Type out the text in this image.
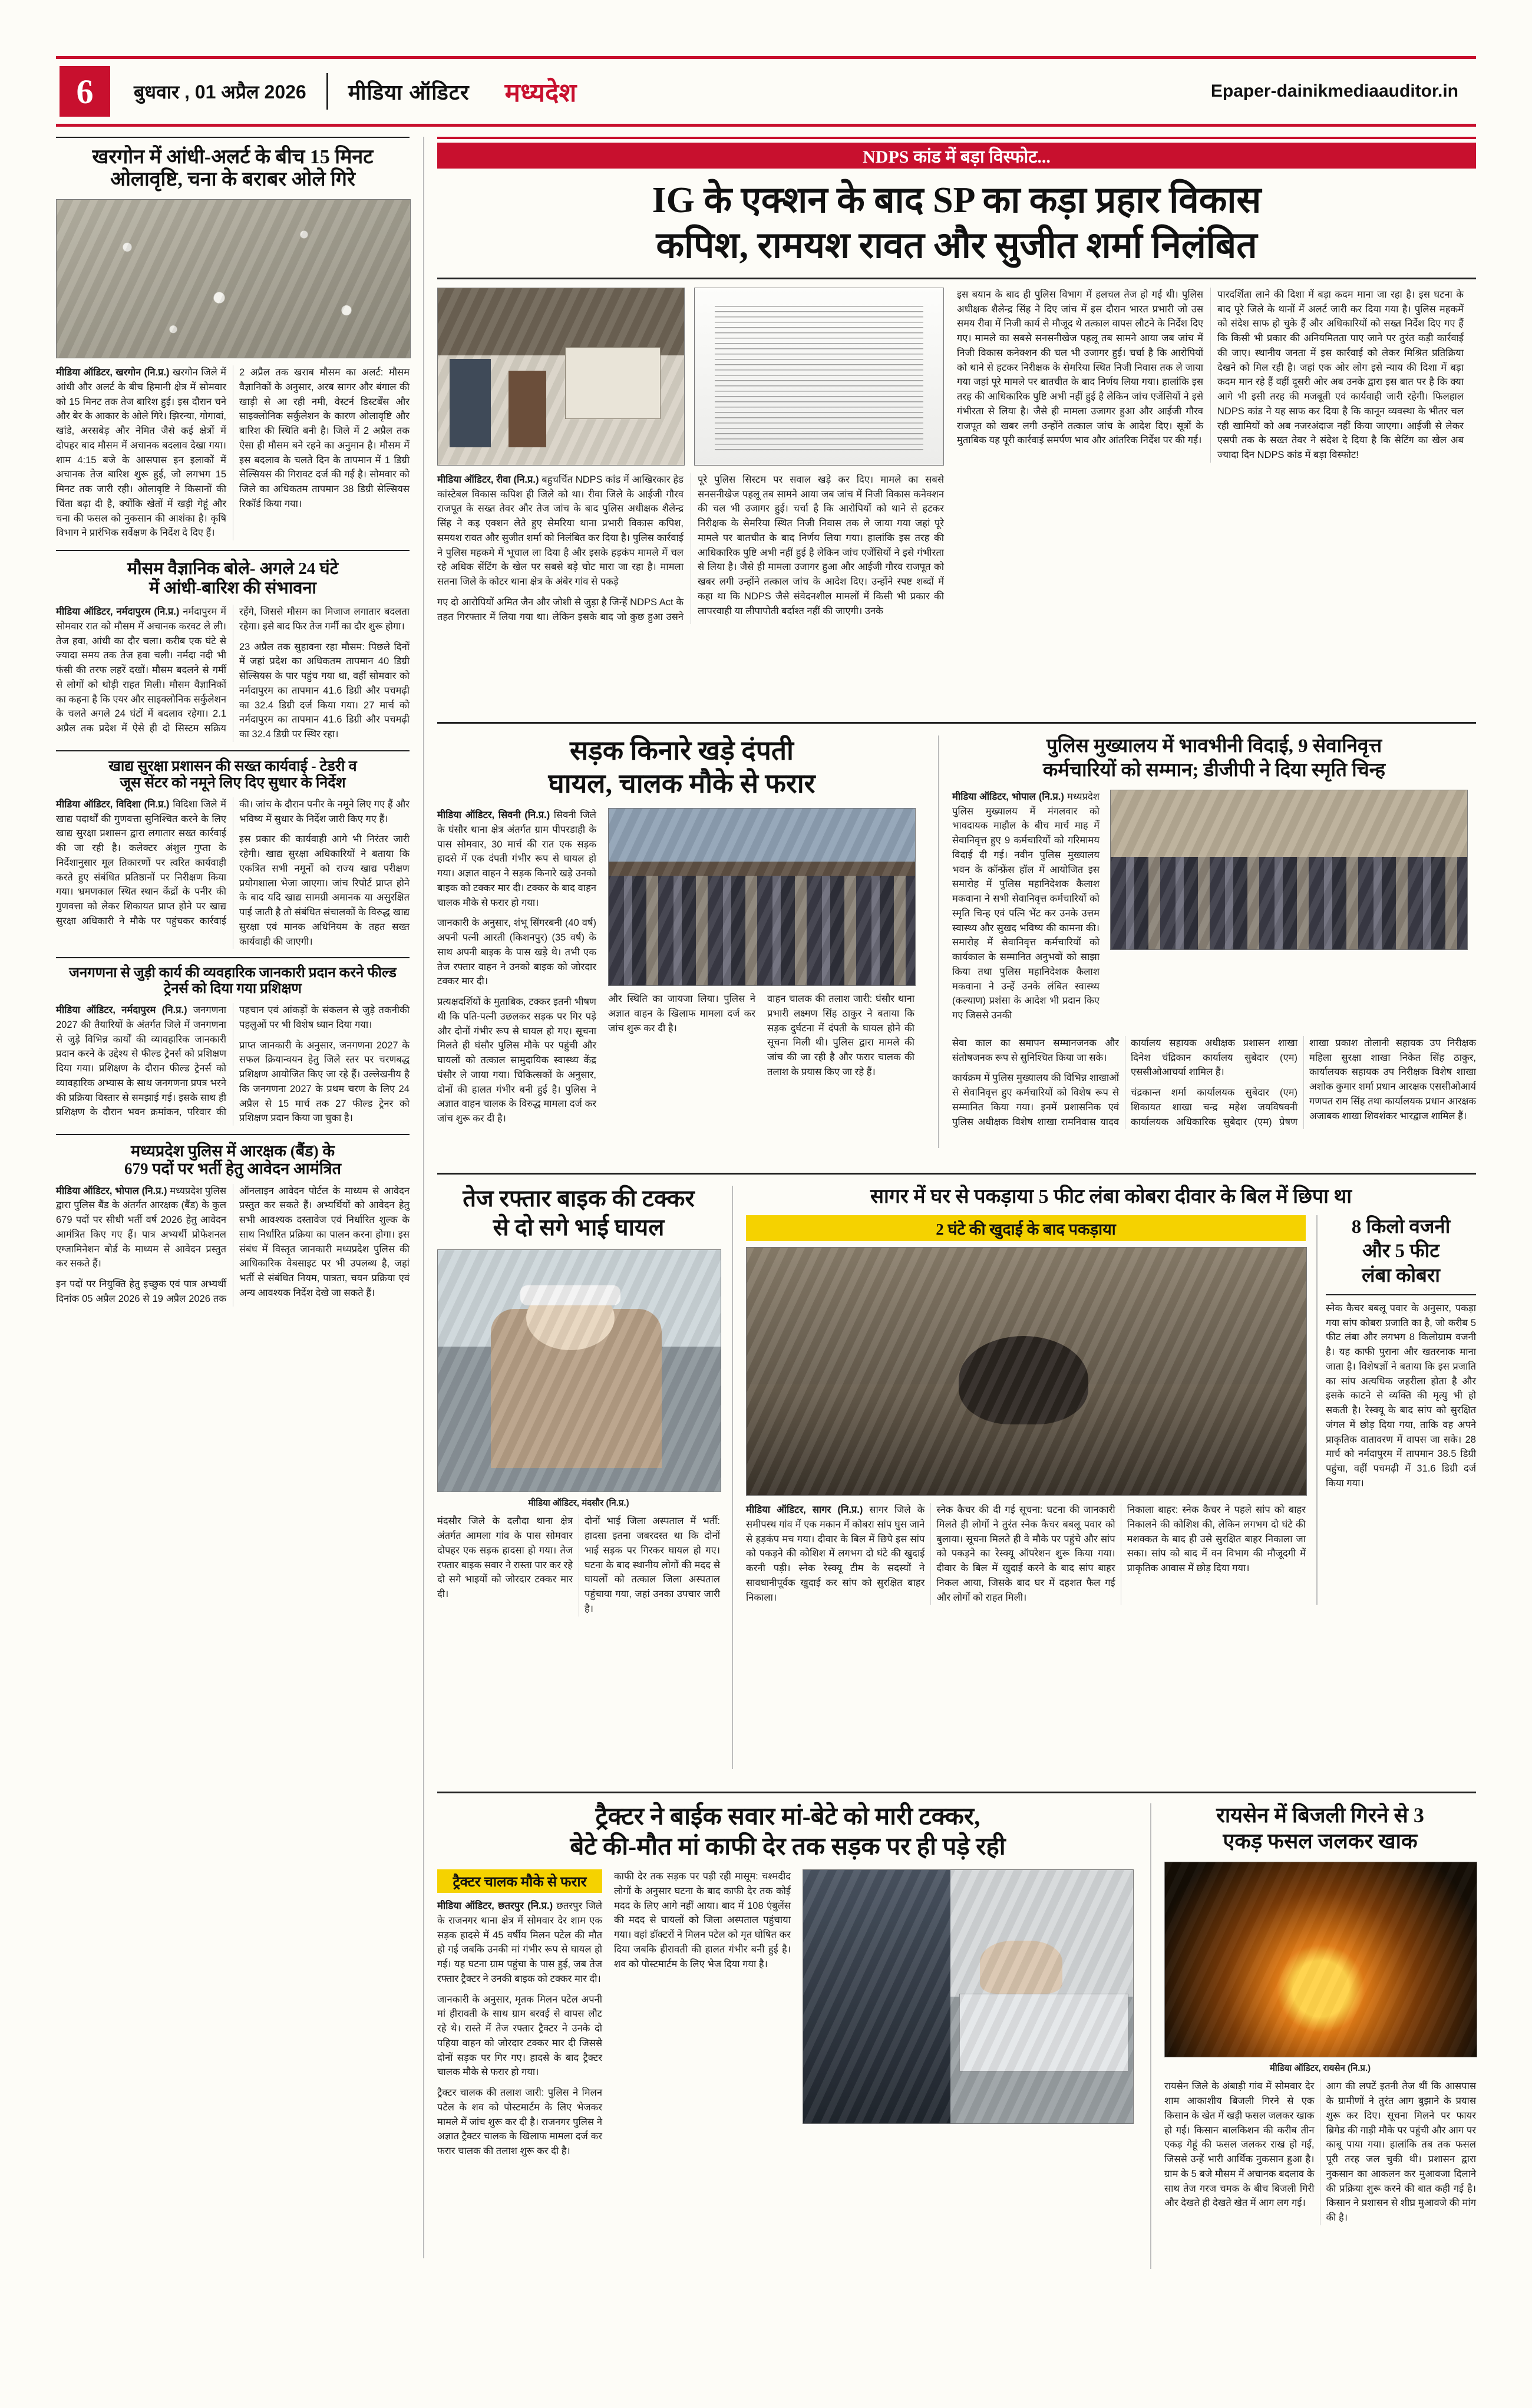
6	बुधवार , 01 अप्रैल 2026 मीडिया ऑडिटर मध्यदेश	Epaper-dainikmediaauditor.in
खरगोन में आंधी-अलर्ट के बीच 15 मिनट
ओलावृष्टि, चना के बराबर ओले गिरे

मीडिया ऑडिटर, खरगोन (नि.प्र.) खरगोन जिले में आंधी और अलर्ट के बीच हिमानी क्षेत्र में सोमवार को 15 मिनट तक तेज बारिश हुई। इस दौरान चने और बेर के आकार के ओले गिरे। झिरन्या, गोगावां, खांडे, अरसबेड़ और नेमित जैसे कई क्षेत्रों में दोपहर बाद मौसम में अचानक बदलाव देखा गया। शाम 4:15 बजे के आसपास इन इलाकों में अचानक तेज बारिश शुरू हुई, जो लगभग 15 मिनट तक जारी रही। ओलावृष्टि ने किसानों की चिंता बढ़ा दी है, क्योंकि खेतों में खड़ी गेहूं और चना की फसल को नुकसान की आशंका है। कृषि विभाग ने प्रारंभिक सर्वेक्षण के निर्देश दे दिए हैं।

2 अप्रैल तक खराब मौसम का अलर्ट: मौसम वैज्ञानिकों के अनुसार, अरब सागर और बंगाल की खाड़ी से आ रही नमी, वेस्टर्न डिस्टर्बेंस और साइक्लोनिक सर्कुलेशन के कारण ओलावृष्टि और बारिश की स्थिति बनी है। जिले में 2 अप्रैल तक ऐसा ही मौसम बने रहने का अनुमान है। मौसम में इस बदलाव के चलते दिन के तापमान में 1 डिग्री सेल्सियस की गिरावट दर्ज की गई है। सोमवार को जिले का अधिकतम तापमान 38 डिग्री सेल्सियस रिकॉर्ड किया गया।

मौसम वैज्ञानिक बोले- अगले 24 घंटे
में आंधी-बारिश की संभावना

मीडिया ऑडिटर, नर्मदापुरम (नि.प्र.) नर्मदापुरम में सोमवार रात को मौसम में अचानक करवट ले ली। तेज हवा, आंधी का दौर चला। करीब एक घंटे से ज्यादा समय तक तेज हवा चली। नर्मदा नदी भी फंसी की तरफ लहरें दखों। मौसम बदलने से गर्मी से लोगों को थोड़ी राहत मिली। मौसम वैज्ञानिकों का कहना है कि एयर और साइक्लोनिक सर्कुलेशन के चलते अगले 24 घंटों में बदलाव रहेगा। 2.1 अप्रैल तक प्रदेश में ऐसे ही दो सिस्टम सक्रिय रहेंगे, जिससे मौसम का मिजाज लगातार बदलता रहेगा। इसे बाद फिर तेज गर्मी का दौर शुरू होगा।

23 अप्रैल तक सुहावना रहा मौसम: पिछले दिनों में जहां प्रदेश का अधिकतम तापमान 40 डिग्री सेल्सियस के पार पहुंच गया था, वहीं सोमवार को नर्मदापुरम का तापमान 41.6 डिग्री और पचमढ़ी का 32.4 डिग्री दर्ज किया गया। 27 मार्च को नर्मदापुरम का तापमान 41.6 डिग्री और पचमढ़ी का 32.4 डिग्री पर स्थिर रहा।

खाद्य सुरक्षा प्रशासन की सख्त कार्यवाई - टेडरी व
जूस सेंटर को नमूने लिए दिए सुधार के निर्देश

मीडिया ऑडिटर, विदिशा (नि.प्र.) विदिशा जिले में खाद्य पदार्थों की गुणवत्ता सुनिश्चित करने के लिए खाद्य सुरक्षा प्रशासन द्वारा लगातार सख्त कार्रवाई की जा रही है। कलेक्टर अंशुल गुप्ता के निर्देशानुसार मूल तिकारणों पर त्वरित कार्यवाही करते हुए संबंधित प्रतिष्ठानों पर निरीक्षण किया गया। भ्रमणकाल स्थित स्थान केंद्रों के पनीर की गुणवत्ता को लेकर शिकायत प्राप्त होने पर खाद्य सुरक्षा अधिकारी ने मौके पर पहुंचकर कार्रवाई की। जांच के दौरान पनीर के नमूने लिए गए हैं और भविष्य में सुधार के निर्देश जारी किए गए हैं।

इस प्रकार की कार्यवाही आगे भी निरंतर जारी रहेगी। खाद्य सुरक्षा अधिकारियों ने बताया कि एकत्रित सभी नमूनों को राज्य खाद्य परीक्षण प्रयोगशाला भेजा जाएगा। जांच रिपोर्ट प्राप्त होने के बाद यदि खाद्य सामग्री अमानक या असुरक्षित पाई जाती है तो संबंधित संचालकों के विरुद्ध खाद्य सुरक्षा एवं मानक अधिनियम के तहत सख्त कार्यवाही की जाएगी।

जनगणना से जुड़ी कार्य की व्यवहारिक जानकारी प्रदान करने फील्ड ट्रेनर्स को दिया गया प्रशिक्षण

मीडिया ऑडिटर, नर्मदापुरम (नि.प्र.) जनगणना 2027 की तैयारियों के अंतर्गत जिले में जनगणना से जुड़े विभिन्न कार्यों की व्यावहारिक जानकारी प्रदान करने के उद्देश्य से फील्ड ट्रेनर्स को प्रशिक्षण दिया गया। प्रशिक्षण के दौरान फील्ड ट्रेनर्स को व्यावहारिक अभ्यास के साथ जनगणना प्रपत्र भरने की प्रक्रिया विस्तार से समझाई गई। इसके साथ ही प्रशिक्षण के दौरान भवन क्रमांकन, परिवार की पहचान एवं आंकड़ों के संकलन से जुड़े तकनीकी पहलुओं पर भी विशेष ध्यान दिया गया।

प्राप्त जानकारी के अनुसार, जनगणना 2027 के सफल क्रियान्वयन हेतु जिले स्तर पर चरणबद्ध प्रशिक्षण आयोजित किए जा रहे हैं। उल्लेखनीय है कि जनगणना 2027 के प्रथम चरण के लिए 24 अप्रैल से 15 मार्च तक 27 फील्ड ट्रेनर को प्रशिक्षण प्रदान किया जा चुका है।

मध्यप्रदेश पुलिस में आरक्षक (बैंड) के
679 पदों पर भर्ती हेतु आवेदन आमंत्रित

मीडिया ऑडिटर, भोपाल (नि.प्र.) मध्यप्रदेश पुलिस द्वारा पुलिस बैंड के अंतर्गत आरक्षक (बैंड) के कुल 679 पदों पर सीधी भर्ती वर्ष 2026 हेतु आवेदन आमंत्रित किए गए हैं। पात्र अभ्यर्थी प्रोफेशनल एग्जामिनेशन बोर्ड के माध्यम से आवेदन प्रस्तुत कर सकते हैं।

इन पदों पर नियुक्ति हेतु इच्छुक एवं पात्र अभ्यर्थी दिनांक 05 अप्रैल 2026 से 19 अप्रैल 2026 तक ऑनलाइन आवेदन पोर्टल के माध्यम से आवेदन प्रस्तुत कर सकते हैं। अभ्यर्थियों को आवेदन हेतु सभी आवश्यक दस्तावेज एवं निर्धारित शुल्क के साथ निर्धारित प्रक्रिया का पालन करना होगा। इस संबंध में विस्तृत जानकारी मध्यप्रदेश पुलिस की आधिकारिक वेबसाइट पर भी उपलब्ध है, जहां भर्ती से संबंधित नियम, पात्रता, चयन प्रक्रिया एवं अन्य आवश्यक निर्देश देखे जा सकते हैं।

NDPS कांड में बड़ा विस्फोट...
IG के एक्शन के बाद SP का कड़ा प्रहार विकास
कपिश, रामयश रावत और सुजीत शर्मा निलंबित

मीडिया ऑडिटर, रीवा (नि.प्र.) बहुचर्चित NDPS कांड में आखिरकार हेड कांस्टेबल विकास कपिश ही जिले को था। रीवा जिले के आईजी गौरव राजपूत के सख्त तेवर और तेज जांच के बाद पुलिस अधीक्षक शैलेन्द्र सिंह ने कइ एक्शन लेते हुए सेमरिया थाना प्रभारी विकास कपिश, समयश रावत और सुजीत शर्मा को निलंबित कर दिया है। पुलिस कार्रवाई ने पुलिस महकमे में भूचाल ला दिया है और इसके हड़कंप मामले में चल रहे अधिक सेंटिंग के खेल पर सबसे बड़े चोट मारा जा रहा है। मामला सतना जिले के कोटर थाना क्षेत्र के अंबेर गांव से पकड़े

गए दो आरोपियों अमित जैन और जोशी से जुड़ा है जिन्हें NDPS Act के तहत गिरफ्तार में लिया गया था। लेकिन इसके बाद जो कुछ हुआ उसने पूरे पुलिस सिस्टम पर सवाल खड़े कर दिए। मामले का सबसे सनसनीखेज पहलू तब सामने आया जब जांच में निजी विकास कनेक्शन की चल भी उजागर हुई। चर्चा है कि आरोपियों को थाने से हटकर निरीक्षक के सेमरिया स्थित निजी निवास तक ले जाया गया जहां पूरे मामले पर बातचीत के बाद निर्णय लिया गया। हालांकि इस तरह की आधिकारिक पुष्टि अभी नहीं हुई है लेकिन जांच एजेंसियों ने इसे गंभीरता से लिया है। जैसे ही मामला उजागर हुआ और आईजी गौरव राजपूत को खबर लगी उन्होंने तत्काल जांच के आदेश दिए। उन्होंने स्पष्ट शब्दों में कहा था कि NDPS जैसे संवेदनशील मामलों में किसी भी प्रकार की लापरवाही या लीपापोती बर्दाश्त नहीं की जाएगी। उनके

इस बयान के बाद ही पुलिस विभाग में हलचल तेज हो गई थी। पुलिस अधीक्षक शैलेन्द्र सिंह ने दिए जांच में इस दौरान भारत प्रभारी जो उस समय रीवा में निजी कार्य से मौजूद थे तत्काल वापस लौटने के निर्देश दिए गए। मामले का सबसे सनसनीखेज पहलू तब सामने आया जब जांच में निजी विकास कनेक्शन की चल भी उजागर हुई। चर्चा है कि आरोपियों को थाने से हटकर निरीक्षक के सेमरिया स्थित निजी निवास तक ले जाया गया जहां पूरे मामले पर बातचीत के बाद निर्णय लिया गया। हालांकि इस तरह की आधिकारिक पुष्टि अभी नहीं हुई है लेकिन जांच एजेंसियों ने इसे गंभीरता से लिया है। जैसे ही मामला उजागर हुआ और आईजी गौरव राजपूत को खबर लगी उन्होंने तत्काल जांच के आदेश दिए। सूत्रों के मुताबिक यह पूरी कार्रवाई समर्पण भाव और आंतरिक निर्देश पर की गई।

पारदर्शिता लाने की दिशा में बड़ा कदम माना जा रहा है। इस घटना के बाद पूरे जिले के थानों में अलर्ट जारी कर दिया गया है। पुलिस महकमें को संदेश साफ हो चुके हैं और अधिकारियों को सख्त निर्देश दिए गए हैं कि किसी भी प्रकार की अनियमितता पाए जाने पर तुरंत कड़ी कार्रवाई की जाए। स्थानीय जनता में इस कार्रवाई को लेकर मिश्रित प्रतिक्रिया देखने को मिल रही है। जहां एक ओर लोग इसे न्याय की दिशा में बड़ा कदम मान रहे हैं वहीं दूसरी ओर अब उनके द्वारा इस बात पर है कि क्या आगे भी इसी तरह की मजबूती एवं कार्यवाही जारी रहेगी। फिलहाल NDPS कांड ने यह साफ कर दिया है कि कानून व्यवस्था के भीतर चल रही खामियों को अब नजरअंदाज नहीं किया जाएगा। आईजी से लेकर एसपी तक के सख्त तेवर ने संदेश दे दिया है कि सेटिंग का खेल अब ज्यादा दिन NDPS कांड में बड़ा विस्फोट!

सड़क किनारे खड़े दंपती
घायल, चालक मौके से फरार

मीडिया ऑडिटर, सिवनी (नि.प्र.) सिवनी जिले के घंसौर थाना क्षेत्र अंतर्गत ग्राम पीपरडाही के पास सोमवार, 30 मार्च की रात एक सड़क हादसे में एक दंपती गंभीर रूप से घायल हो गया। अज्ञात वाहन ने सड़क किनारे खड़े उनको बाइक को टक्कर मार दी। टक्कर के बाद वाहन चालक मौके से फरार हो गया।

जानकारी के अनुसार, शंभू सिंगरबनी (40 वर्ष) अपनी पत्नी आरती (किशनपुर) (35 वर्ष) के साथ अपनी बाइक के पास खड़े थे। तभी एक तेज रफ्तार वाहन ने उनको बाइक को जोरदार टक्कर मार दी।

प्रत्यक्षदर्शियों के मुताबिक, टक्कर इतनी भीषण थी कि पति-पत्नी उछलकर सड़क पर गिर पड़े और दोनों गंभीर रूप से घायल हो गए। सूचना मिलते ही घंसौर पुलिस मौके पर पहुंची और घायलों को तत्काल सामुदायिक स्वास्थ्य केंद्र घंसौर ले जाया गया। चिकित्सकों के अनुसार, दोनों की हालत गंभीर बनी हुई है। पुलिस ने अज्ञात वाहन चालक के विरुद्ध मामला दर्ज कर जांच शुरू कर दी है।

और स्थिति का जायजा लिया। पुलिस ने अज्ञात वाहन के खिलाफ मामला दर्ज कर जांच शुरू कर दी है।

वाहन चालक की तलाश जारी: घंसौर थाना प्रभारी लक्ष्मण सिंह ठाकुर ने बताया कि सड़क दुर्घटना में दंपती के घायल होने की सूचना मिली थी। पुलिस द्वारा मामले की जांच की जा रही है और फरार चालक की तलाश के प्रयास किए जा रहे हैं।

पुलिस मुख्यालय में भावभीनी विदाई, 9 सेवानिवृत्त
कर्मचारियों को सम्मान; डीजीपी ने दिया स्मृति चिन्ह

मीडिया ऑडिटर, भोपाल (नि.प्र.) मध्यप्रदेश पुलिस मुख्यालय में मंगलवार को भावदायक माहौल के बीच मार्च माह में सेवानिवृत्त हुए 9 कर्मचारियों को गरिमामय विदाई दी गई। नवीन पुलिस मुख्यालय भवन के कॉन्फ्रेंस हॉल में आयोजित इस समारोह में पुलिस महानिदेशक कैलाश मकवाना ने सभी सेवानिवृत्त कर्मचारियों को स्मृति चिन्ह एवं पत्नि भेंट कर उनके उत्तम स्वास्थ्य और सुखद भविष्य की कामना की। समारोह में सेवानिवृत्त कर्मचारियों को कार्यकाल के सम्मानित अनुभवों को साझा किया तथा पुलिस महानिदेशक कैलाश मकवाना ने उन्हें उनके लंबित स्वास्थ्य (कल्याण) प्रशंसा के आदेश भी प्रदान किए गए जिससे उनकी

सेवा काल का समापन सम्मानजनक और संतोषजनक रूप से सुनिश्चित किया जा सके।

कार्यक्रम में पुलिस मुख्यालय की विभिन्न शाखाओं से सेवानिवृत्त हुए कर्मचारियों को विशेष रूप से सम्मानित किया गया। इनमें प्रशासनिक एवं पुलिस अधीक्षक विशेष शाखा रामनिवास यादव कार्यालय सहायक अधीक्षक प्रशासन शाखा दिनेश चंद्रिकान कार्यालय सुबेदार (एम) एससीओआचर्या शामिल हैं।

चंद्रकान्त शर्मा कार्यालयक सुबेदार (एम) शिकायत शाखा चन्द्र महेश जयविषवनी कार्यालयक अधिकारिक सुबेदार (एम) प्रेषण शाखा प्रकाश तोलानी सहायक उप निरीक्षक महिला सुरक्षा शाखा निकेत सिंह ठाकुर, कार्यालयक सहायक उप निरीक्षक विशेष शाखा अशोक कुमार शर्मा प्रधान आरक्षक एससीओआर्य गणपत राम सिंह तथा कार्यालयक प्रधान आरक्षक अजाबक शाखा शिवशंकर भारद्वाज शामिल हैं।

तेज रफ्तार बाइक की टक्कर
से दो सगे भाई घायल
मीडिया ऑडिटर, मंदसौर (नि.प्र.)

मंदसौर जिले के दलौदा थाना क्षेत्र अंतर्गत आमला गांव के पास सोमवार दोपहर एक सड़क हादसा हो गया। तेज रफ्तार बाइक सवार ने रास्ता पार कर रहे दो सगे भाइयों को जोरदार टक्कर मार दी।

दोनों भाई जिला अस्पताल में भर्ती: हादसा इतना जबरदस्त था कि दोनों भाई सड़क पर गिरकर घायल हो गए। घटना के बाद स्थानीय लोगों की मदद से घायलों को तत्काल जिला अस्पताल पहुंचाया गया, जहां उनका उपचार जारी है।

सागर में घर से पकड़ाया 5 फीट लंबा कोबरा दीवार के बिल में छिपा था
2 घंटे की खुदाई के बाद पकड़ाया

मीडिया ऑडिटर, सागर (नि.प्र.) सागर जिले के समीपस्थ गांव में एक मकान में कोबरा सांप घुस जाने से हड़कंप मच गया। दीवार के बिल में छिपे इस सांप को पकड़ने की कोशिश में लगभग दो घंटे की खुदाई करनी पड़ी। स्नेक रेस्क्यू टीम के सदस्यों ने सावधानीपूर्वक खुदाई कर सांप को सुरक्षित बाहर निकाला।

स्नेक कैचर की दी गई सूचना: घटना की जानकारी मिलते ही लोगों ने तुरंत स्नेक कैचर बबलू पवार को बुलाया। सूचना मिलते ही वे मौके पर पहुंचे और सांप को पकड़ने का रेस्क्यू ऑपरेशन शुरू किया गया। दीवार के बिल में खुदाई करने के बाद सांप बाहर निकल आया, जिसके बाद घर में दहशत फैल गई और लोगों को राहत मिली।

निकाला बाहर: स्नेक कैचर ने पहले सांप को बाहर निकालने की कोशिश की, लेकिन लगभग दो घंटे की मशक्कत के बाद ही उसे सुरक्षित बाहर निकाला जा सका। सांप को बाद में वन विभाग की मौजूदगी में प्राकृतिक आवास में छोड़ दिया गया।

8 किलो वजनी
और 5 फीट
लंबा कोबरा
स्नेक कैचर बबलू पवार के अनुसार, पकड़ा गया सांप कोबरा प्रजाति का है, जो करीब 5 फीट लंबा और लगभग 8 किलोग्राम वजनी है। यह काफी पुराना और खतरनाक माना जाता है। विशेषज्ञों ने बताया कि इस प्रजाति का सांप अत्यधिक जहरीला होता है और इसके काटने से व्यक्ति की मृत्यु भी हो सकती है। रेस्क्यू के बाद सांप को सुरक्षित जंगल में छोड़ दिया गया, ताकि वह अपने प्राकृतिक वातावरण में वापस जा सके। 28 मार्च को नर्मदापुरम में तापमान 38.5 डिग्री पहुंचा, वहीं पचमढ़ी में 31.6 डिग्री दर्ज किया गया।
ट्रैक्टर ने बाईक सवार मां-बेटे को मारी टक्कर,
बेटे की-मौत मां काफी देर तक सड़क पर ही पड़े रही
ट्रैक्टर चालक मौके से फरार

मीडिया ऑडिटर, छतरपुर (नि.प्र.) छतरपुर जिले के राजनगर थाना क्षेत्र में सोमवार देर शाम एक सड़क हादसे में 45 वर्षीय मिलन पटेल की मौत हो गई जबकि उनकी मां गंभीर रूप से घायल हो गई। यह घटना ग्राम पहुंचा के पास हुई, जब तेज रफ्तार ट्रैक्टर ने उनकी बाइक को टक्कर मार दी।

जानकारी के अनुसार, मृतक मिलन पटेल अपनी मां हीरावती के साथ ग्राम बरवई से वापस लौट रहे थे। रास्ते में तेज रफ्तार ट्रैक्टर ने उनके दो पहिया वाहन को जोरदार टक्कर मार दी जिससे दोनों सड़क पर गिर गए। हादसे के बाद ट्रैक्टर चालक मौके से फरार हो गया।

ट्रैक्टर चालक की तलाश जारी: पुलिस ने मिलन पटेल के शव को पोस्टमार्टम के लिए भेजकर मामले में जांच शुरू कर दी है। राजनगर पुलिस ने अज्ञात ट्रैक्टर चालक के खिलाफ मामला दर्ज कर फरार चालक की तलाश शुरू कर दी है।

काफी देर तक सड़क पर पड़ी रही मासूम: चश्मदीद लोगों के अनुसार घटना के बाद काफी देर तक कोई मदद के लिए आगे नहीं आया। बाद में 108 एंबुलेंस की मदद से घायलों को जिला अस्पताल पहुंचाया गया। वहां डॉक्टरों ने मिलन पटेल को मृत घोषित कर दिया जबकि हीरावती की हालत गंभीर बनी हुई है। शव को पोस्टमार्टम के लिए भेज दिया गया है।

रायसेन में बिजली गिरने से 3
एकड़ फसल जलकर खाक
मीडिया ऑडिटर, रायसेन (नि.प्र.)

रायसेन जिले के अंबाड़ी गांव में सोमवार देर शाम आकाशीय बिजली गिरने से एक किसान के खेत में खड़ी फसल जलकर खाक हो गई। किसान बालकिशन की करीब तीन एकड़ गेहूं की फसल जलकर राख हो गई, जिससे उन्हें भारी आर्थिक नुकसान हुआ है। ग्राम के 5 बजे मौसम में अचानक बदलाव के साथ तेज गरज चमक के बीच बिजली गिरी और देखते ही देखते खेत में आग लग गई।

आग की लपटें इतनी तेज थीं कि आसपास के ग्रामीणों ने तुरंत आग बुझाने के प्रयास शुरू कर दिए। सूचना मिलने पर फायर ब्रिगेड की गाड़ी मौके पर पहुंची और आग पर काबू पाया गया। हालांकि तब तक फसल पूरी तरह जल चुकी थी। प्रशासन द्वारा नुकसान का आकलन कर मुआवजा दिलाने की प्रक्रिया शुरू करने की बात कही गई है। किसान ने प्रशासन से शीघ्र मुआवजे की मांग की है।
